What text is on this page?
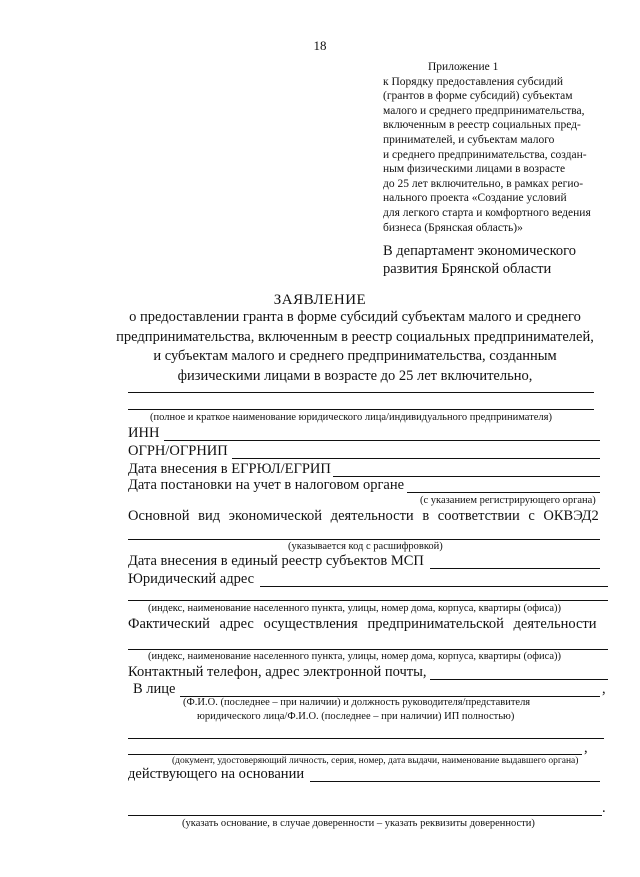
18
Приложение 1
к Порядку предоставления субсидий
(грантов в форме субсидий) субъектам
малого и среднего предпринимательства,
включенным в реестр социальных пред-
принимателей, и субъектам малого
и среднего предпринимательства, создан-
ным физическими лицами в возрасте
до 25 лет включительно, в рамках регио-
нального проекта «Создание условий
для легкого старта и комфортного ведения
бизнеса (Брянская область)»
В департамент экономического
развития Брянской области
ЗАЯВЛЕНИЕ
о предоставлении гранта в форме субсидий субъектам малого и среднего
предпринимательства, включенным в реестр социальных предпринимателей,
и субъектам малого и среднего предпринимательства, созданным
физическими лицами в возрасте до 25 лет включительно,
(полное и краткое наименование юридического лица/индивидуального предпринимателя)
ИНН
ОГРН/ОГРНИП
Дата внесения в ЕГРЮЛ/ЕГРИП
Дата постановки на учет в налоговом органе
(с указанием регистрирующего органа)
Основной вид экономической деятельности в соответствии с ОКВЭД2
(указывается код с расшифровкой)
Дата внесения в единый реестр субъектов МСП
Юридический адрес
(индекс, наименование населенного пункта, улицы, номер дома, корпуса, квартиры (офиса))
Фактический адрес осуществления предпринимательской деятельности
(индекс, наименование населенного пункта, улицы, номер дома, корпуса, квартиры (офиса))
Контактный телефон, адрес электронной почты,
В лице	,
(Ф.И.О. (последнее – при наличии) и должность руководителя/представителя
юридического лица/Ф.И.О. (последнее – при наличии) ИП полностью)
,
(документ, удостоверяющий личность, серия, номер, дата выдачи, наименование выдавшего органа)
действующего на основании
.
(указать основание, в случае доверенности – указать реквизиты доверенности)
